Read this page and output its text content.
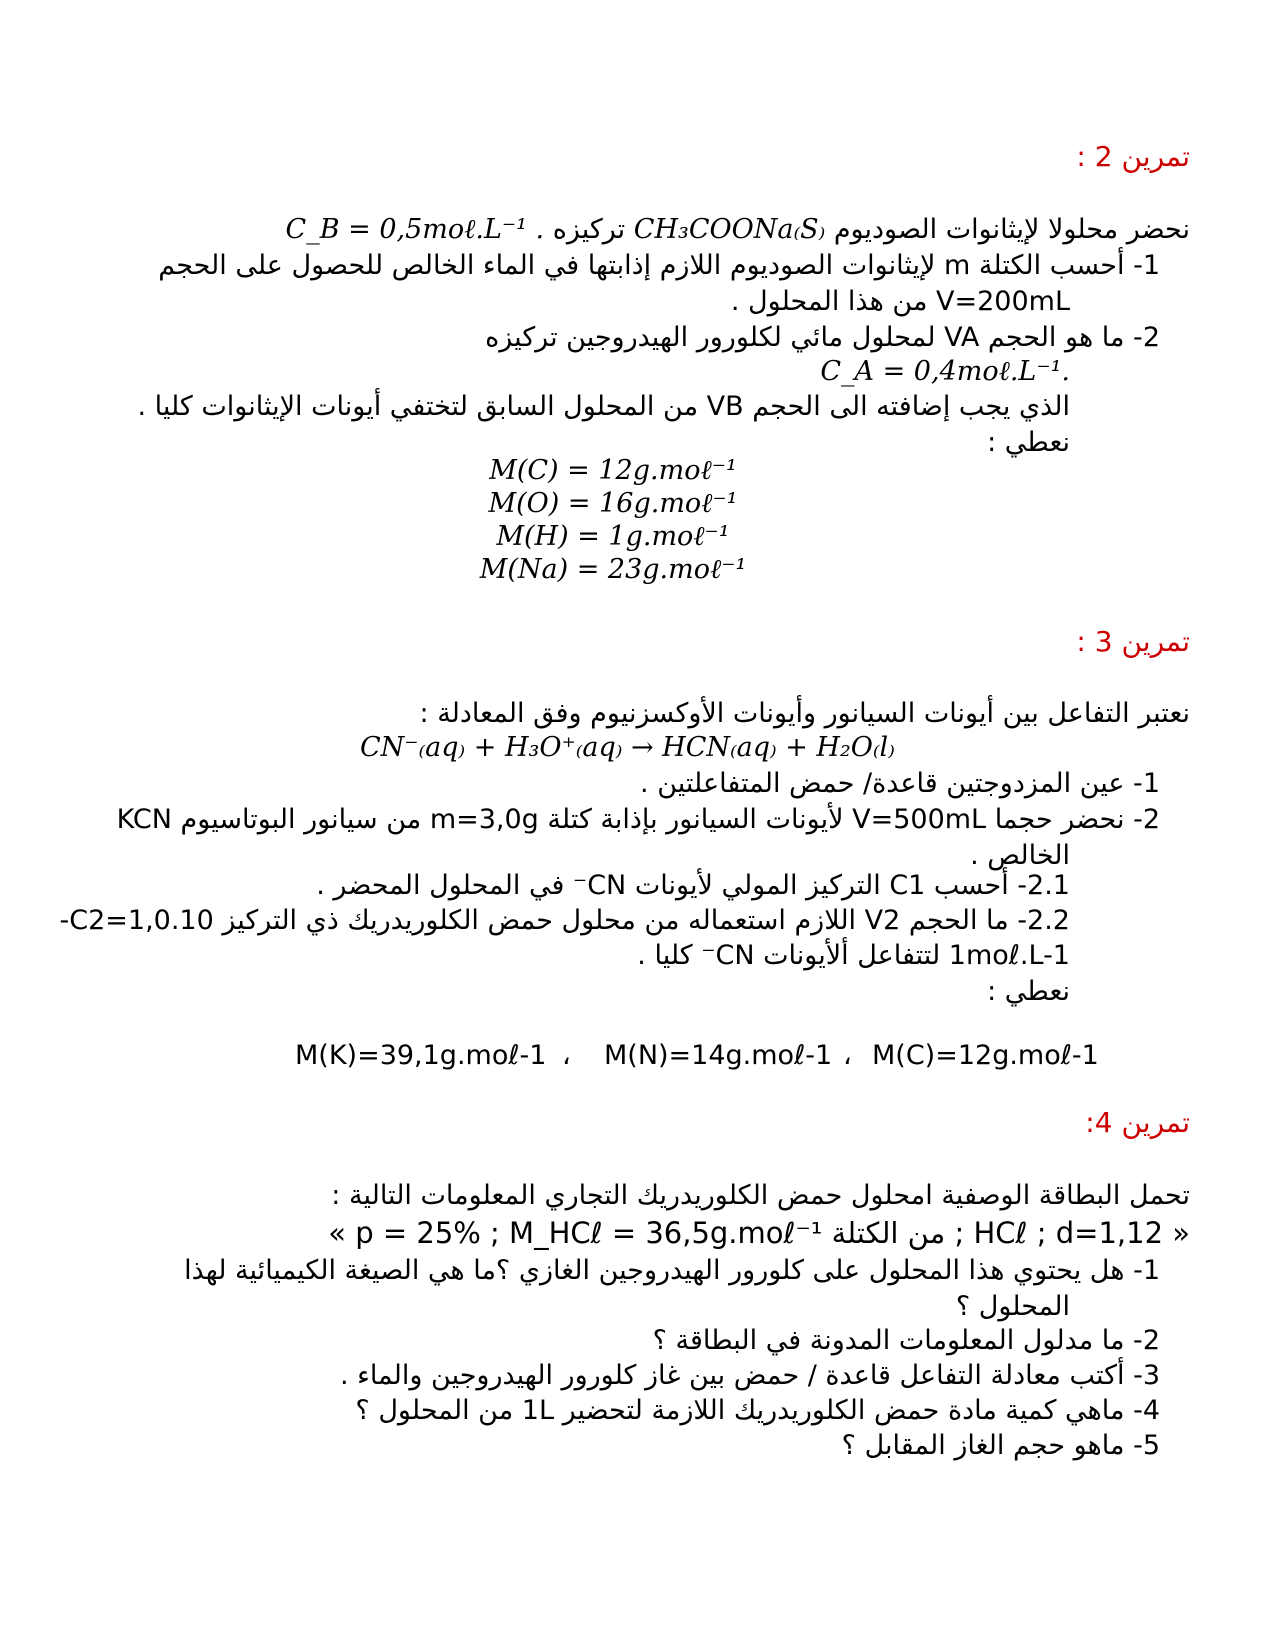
تمرين 2 :
نحضر محلولا لإيثانوات الصوديوم CH₃COONa₍S₎ تركيزه C_B = 0,5moℓ.L⁻¹ .
1- أحسب الكتلة m لإيثانوات الصوديوم اللازم إذابتها في الماء الخالص للحصول على الحجم
V=200mL من هذا المحلول .
2- ما هو الحجم VA لمحلول مائي لكلورور الهيدروجين تركيزه
.C_A = 0,4moℓ.L⁻¹
الذي يجب إضافته الى الحجم VB من المحلول السابق لتختفي أيونات الإيثانوات كليا .
نعطي :
M(C) = 12g.moℓ⁻¹
M(O) = 16g.moℓ⁻¹
M(H) = 1g.moℓ⁻¹
M(Na) = 23g.moℓ⁻¹
تمرين 3 :
نعتبر التفاعل بين أيونات السيانور وأيونات الأوكسزنيوم وفق المعادلة :
CN⁻₍aq₎ + H₃O⁺₍aq₎ → HCN₍aq₎ + H₂O₍l₎
1- عين المزدوجتين قاعدة/ حمض المتفاعلتين .
2- نحضر حجما V=500mL لأيونات السيانور بإذابة كتلة m=3,0g من سيانور البوتاسيوم KCN
الخالص .
2.1- أحسب C1 التركيز المولي لأيونات CN⁻ في المحلول المحضر .
2.2- ما الحجم V2 اللازم استعماله من محلول حمض الكلوريدريك ذي التركيز C2=1,0.10-
1moℓ.L-1 لتتفاعل ألأيونات CN⁻ كليا .
نعطي :
M(K)=39,1g.moℓ-1 ، M(N)=14g.moℓ-1 ، M(C)=12g.moℓ-1
تمرين 4:
تحمل البطاقة الوصفية امحلول حمض الكلوريدريك التجاري المعلومات التالية :
« HCℓ ; d=1,12 ; من الكتلة p = 25% ; M_HCℓ = 36,5g.moℓ⁻¹ »
1- هل يحتوي هذا المحلول على كلورور الهيدروجين الغازي ؟ما هي الصيغة الكيميائية لهذا
المحلول ؟
2- ما مدلول المعلومات المدونة في البطاقة ؟
3- أكتب معادلة التفاعل قاعدة / حمض بين غاز كلورور الهيدروجين والماء .
4- ماهي كمية مادة حمض الكلوريدريك اللازمة لتحضير 1L من المحلول ؟
5- ماهو حجم الغاز المقابل ؟
